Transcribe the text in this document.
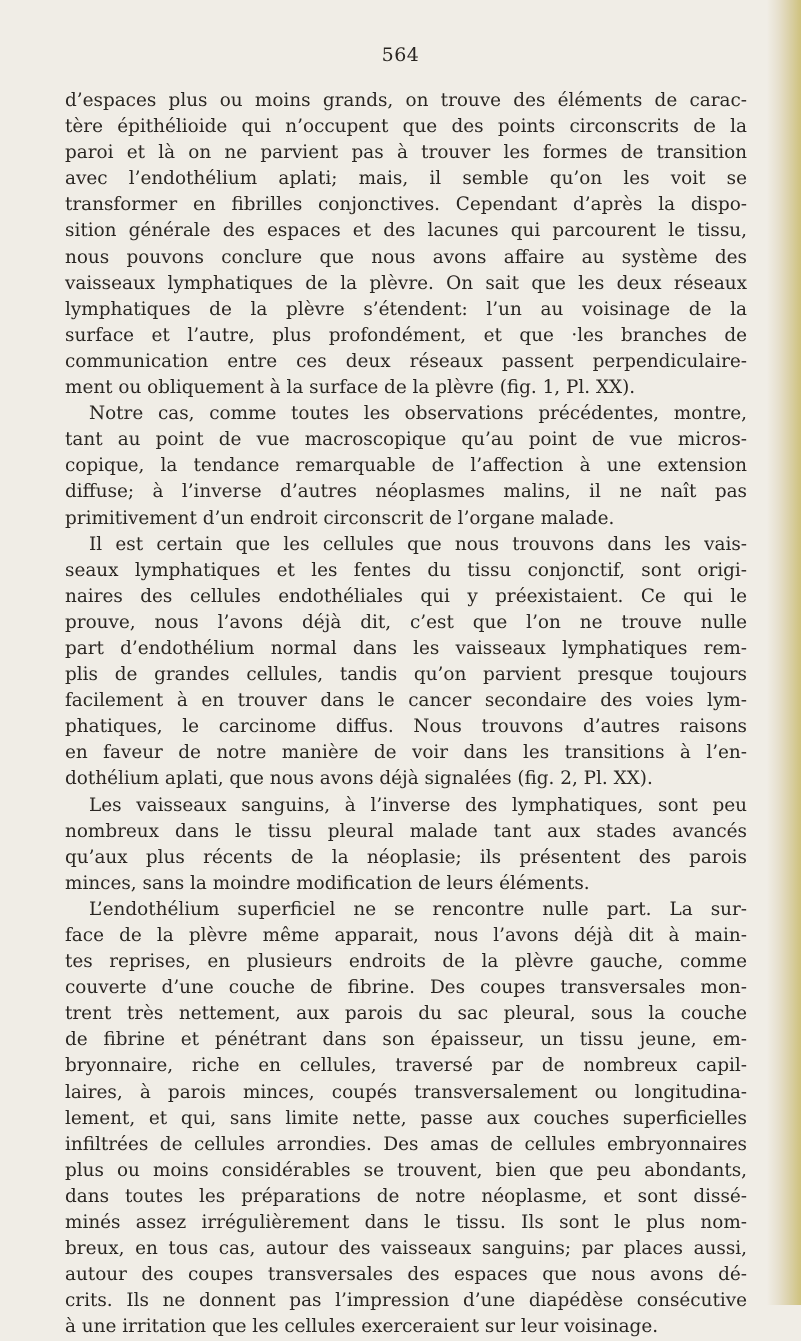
564
d’espaces plus ou moins grands, on trouve des éléments de carac-
tère épithélioide qui n’occupent que des points circonscrits de la
paroi et là on ne parvient pas à trouver les formes de transition
avec l’endothélium aplati; mais, il semble qu’on les voit se
transformer en fibrilles conjonctives. Cependant d’après la dispo-
sition générale des espaces et des lacunes qui parcourent le tissu,
nous pouvons conclure que nous avons affaire au système des
vaisseaux lymphatiques de la plèvre. On sait que les deux réseaux
lymphatiques de la plèvre s’étendent: l’un au voisinage de la
surface et l’autre, plus profondément, et que ·les branches de
communication entre ces deux réseaux passent perpendiculaire-
ment ou obliquement à la surface de la plèvre (fig. 1, Pl. XX).
Notre cas, comme toutes les observations précédentes, montre,
tant au point de vue macroscopique qu’au point de vue micros-
copique, la tendance remarquable de l’affection à une extension
diffuse; à l’inverse d’autres néoplasmes malins, il ne naît pas
primitivement d’un endroit circonscrit de l’organe malade.
Il est certain que les cellules que nous trouvons dans les vais-
seaux lymphatiques et les fentes du tissu conjonctif, sont origi-
naires des cellules endothéliales qui y préexistaient. Ce qui le
prouve, nous l’avons déjà dit, c’est que l’on ne trouve nulle
part d’endothélium normal dans les vaisseaux lymphatiques rem-
plis de grandes cellules, tandis qu’on parvient presque toujours
facilement à en trouver dans le cancer secondaire des voies lym-
phatiques, le carcinome diffus. Nous trouvons d’autres raisons
en faveur de notre manière de voir dans les transitions à l’en-
dothélium aplati, que nous avons déjà signalées (fig. 2, Pl. XX).
Les vaisseaux sanguins, à l’inverse des lymphatiques, sont peu
nombreux dans le tissu pleural malade tant aux stades avancés
qu’aux plus récents de la néoplasie; ils présentent des parois
minces, sans la moindre modification de leurs éléments.
L’endothélium superficiel ne se rencontre nulle part. La sur-
face de la plèvre même apparait, nous l’avons déjà dit à main-
tes reprises, en plusieurs endroits de la plèvre gauche, comme
couverte d’une couche de fibrine. Des coupes transversales mon-
trent très nettement, aux parois du sac pleural, sous la couche
de fibrine et pénétrant dans son épaisseur, un tissu jeune, em-
bryonnaire, riche en cellules, traversé par de nombreux capil-
laires, à parois minces, coupés transversalement ou longitudina-
lement, et qui, sans limite nette, passe aux couches superficielles
infiltrées de cellules arrondies. Des amas de cellules embryonnaires
plus ou moins considérables se trouvent, bien que peu abondants,
dans toutes les préparations de notre néoplasme, et sont dissé-
minés assez irrégulièrement dans le tissu. Ils sont le plus nom-
breux, en tous cas, autour des vaisseaux sanguins; par places aussi,
autour des coupes transversales des espaces que nous avons dé-
crits. Ils ne donnent pas l’impression d’une diapédèse consécutive
à une irritation que les cellules exerceraient sur leur voisinage.
